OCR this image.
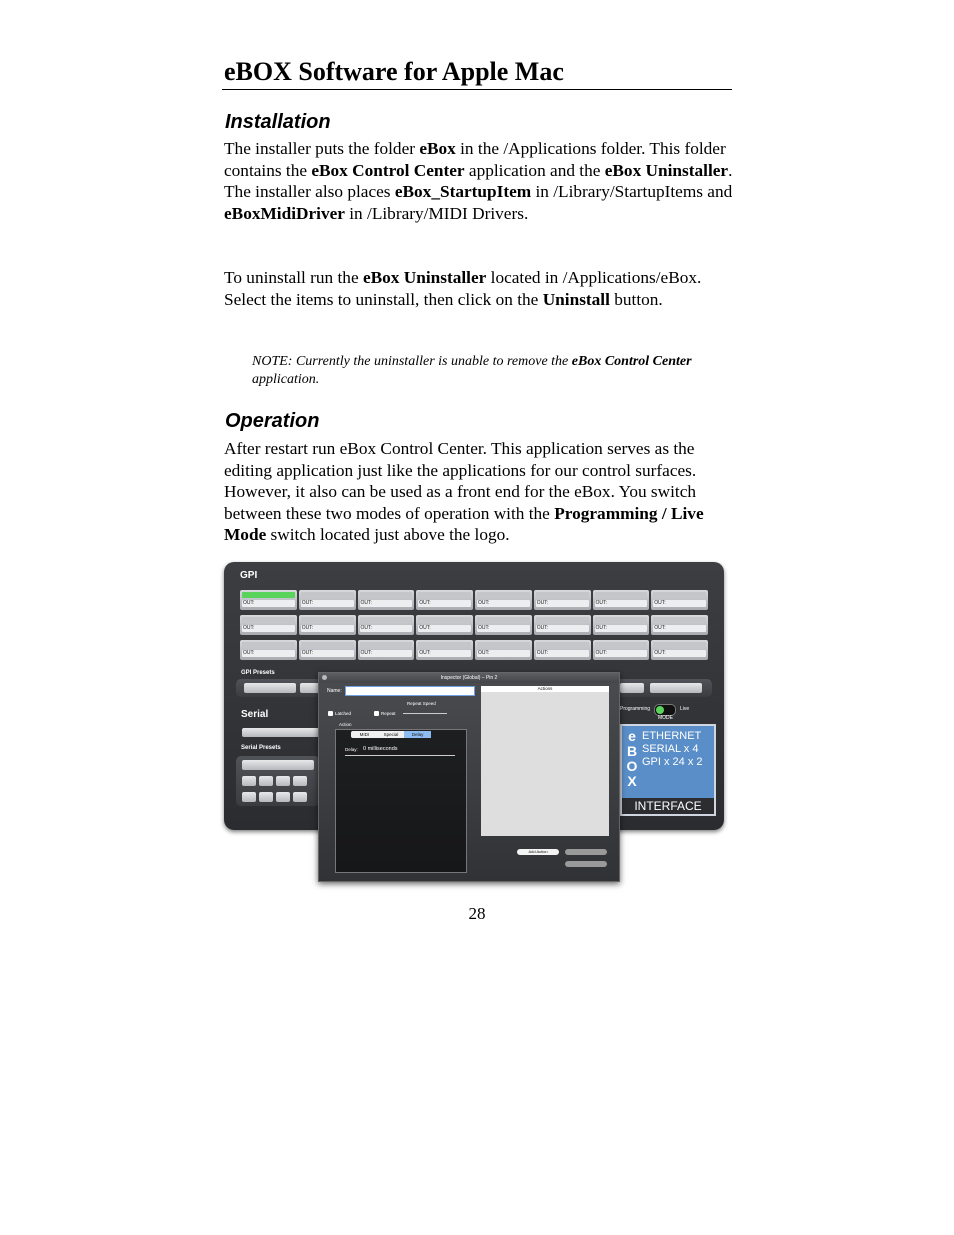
eBOX Software for Apple Mac
Installation
The installer puts the folder eBox in the /Applications folder. This folder contains the eBox Control Center application and the eBox Uninstaller. The installer also places eBox_StartupItem in /Library/StartupItems and eBoxMidiDriver in /Library/MIDI Drivers.
To uninstall run the eBox Uninstaller located in /Applications/eBox. Select the items to uninstall, then click on the Uninstall button.
NOTE: Currently the uninstaller is unable to remove the eBox Control Center application.
Operation
After restart run eBox Control Center. This application serves as the editing application just like the applications for our control surfaces. However, it also can be used as a front end for the eBox. You switch between these two modes of operation with the Programming / Live Mode switch located just above the logo.
GPI
OUT:	OUT:	OUT:	OUT:	OUT:	OUT:	OUT:	OUT:
OUT:	OUT:	OUT:	OUT:	OUT:	OUT:	OUT:	OUT:
OUT:	OUT:	OUT:	OUT:	OUT:	OUT:	OUT:	OUT:
GPI Presets
Serial
Serial Presets
Programming	Live
MODE
e
B
O
X
ETHERNET
SERIAL x 4
GPI x 24 x 2
INTERFACE
Inspector (Global) – Pin 2
Name:
Repeat Speed
Latched	Repeat
Action
MIDI	Special	Delay
Delay: 0 milliseconds
Actions
Add Action
28
